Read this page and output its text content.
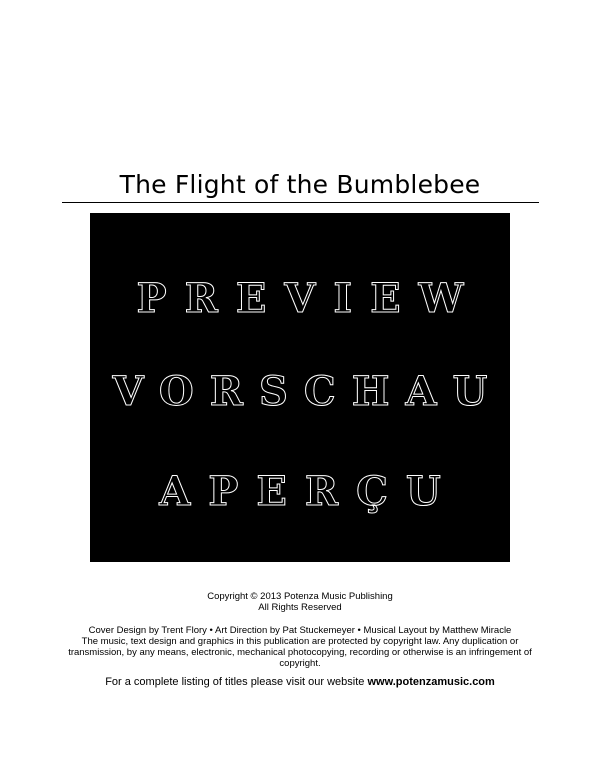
The Flight of the Bumblebee
PREVIEW
VORSCHAU
APERÇU
Copyright © 2013 Potenza Music Publishing
All Rights Reserved
Cover Design by Trent Flory • Art Direction by Pat Stuckemeyer • Musical Layout by Matthew Miracle
The music, text design and graphics in this publication are protected by copyright law. Any duplication or
transmission, by any means, electronic, mechanical photocopying, recording or otherwise is an infringement of
copyright.
For a complete listing of titles please visit our website www.potenzamusic.com
